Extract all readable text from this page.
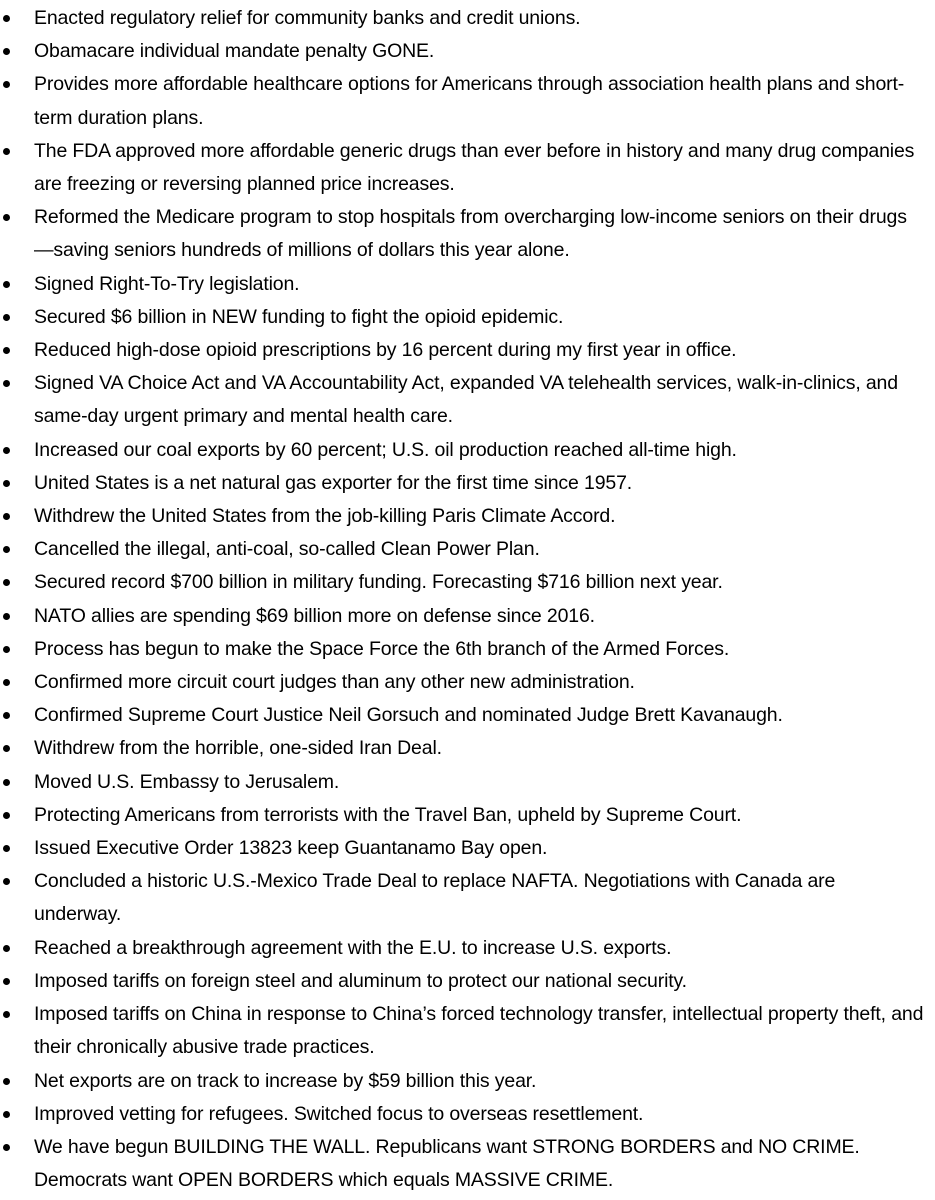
Enacted regulatory relief for community banks and credit unions.
Obamacare individual mandate penalty GONE.
Provides more affordable healthcare options for Americans through association health plans and short-term duration plans.
The FDA approved more affordable generic drugs than ever before in history and many drug companies are freezing or reversing planned price increases.
Reformed the Medicare program to stop hospitals from overcharging low-income seniors on their drugs—saving seniors hundreds of millions of dollars this year alone.
Signed Right-To-Try legislation.
Secured $6 billion in NEW funding to fight the opioid epidemic.
Reduced high-dose opioid prescriptions by 16 percent during my first year in office.
Signed VA Choice Act and VA Accountability Act, expanded VA telehealth services, walk-in-clinics, and same-day urgent primary and mental health care.
Increased our coal exports by 60 percent; U.S. oil production reached all-time high.
United States is a net natural gas exporter for the first time since 1957.
Withdrew the United States from the job-killing Paris Climate Accord.
Cancelled the illegal, anti-coal, so-called Clean Power Plan.
Secured record $700 billion in military funding. Forecasting $716 billion next year.
NATO allies are spending $69 billion more on defense since 2016.
Process has begun to make the Space Force the 6th branch of the Armed Forces.
Confirmed more circuit court judges than any other new administration.
Confirmed Supreme Court Justice Neil Gorsuch and nominated Judge Brett Kavanaugh.
Withdrew from the horrible, one-sided Iran Deal.
Moved U.S. Embassy to Jerusalem.
Protecting Americans from terrorists with the Travel Ban, upheld by Supreme Court.
Issued Executive Order 13823 keep Guantanamo Bay open.
Concluded a historic U.S.-Mexico Trade Deal to replace NAFTA. Negotiations with Canada are underway.
Reached a breakthrough agreement with the E.U. to increase U.S. exports.
Imposed tariffs on foreign steel and aluminum to protect our national security.
Imposed tariffs on China in response to China’s forced technology transfer, intellectual property theft, and their chronically abusive trade practices.
Net exports are on track to increase by $59 billion this year.
Improved vetting for refugees. Switched focus to overseas resettlement.
We have begun BUILDING THE WALL. Republicans want STRONG BORDERS and NO CRIME. Democrats want OPEN BORDERS which equals MASSIVE CRIME.
